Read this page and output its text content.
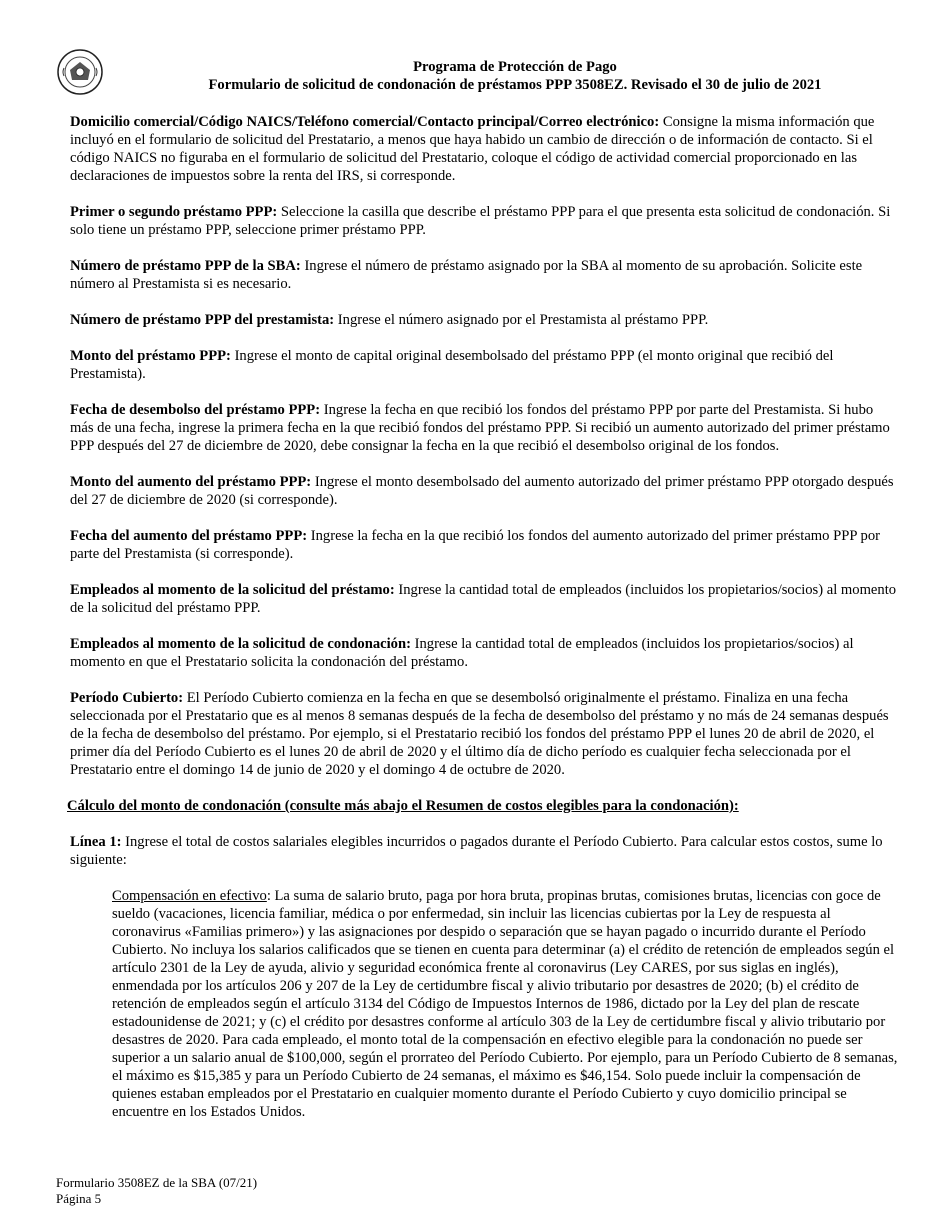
Programa de Protección de Pago
Formulario de solicitud de condonación de préstamos PPP 3508EZ. Revisado el 30 de julio de 2021

Domicilio comercial/Código NAICS/Teléfono comercial/Contacto principal/Correo electrónico: Consigne la misma información que incluyó en el formulario de solicitud del Prestatario, a menos que haya habido un cambio de dirección o de información de contacto. Si el código NAICS no figuraba en el formulario de solicitud del Prestatario, coloque el código de actividad comercial proporcionado en las declaraciones de impuestos sobre la renta del IRS, si corresponde.

Primer o segundo préstamo PPP: Seleccione la casilla que describe el préstamo PPP para el que presenta esta solicitud de condonación. Si solo tiene un préstamo PPP, seleccione primer préstamo PPP.

Número de préstamo PPP de la SBA: Ingrese el número de préstamo asignado por la SBA al momento de su aprobación. Solicite este número al Prestamista si es necesario.

Número de préstamo PPP del prestamista: Ingrese el número asignado por el Prestamista al préstamo PPP.

Monto del préstamo PPP: Ingrese el monto de capital original desembolsado del préstamo PPP (el monto original que recibió del Prestamista).

Fecha de desembolso del préstamo PPP: Ingrese la fecha en que recibió los fondos del préstamo PPP por parte del Prestamista. Si hubo más de una fecha, ingrese la primera fecha en la que recibió fondos del préstamo PPP. Si recibió un aumento autorizado del primer préstamo PPP después del 27 de diciembre de 2020, debe consignar la fecha en la que recibió el desembolso original de los fondos.

Monto del aumento del préstamo PPP: Ingrese el monto desembolsado del aumento autorizado del primer préstamo PPP otorgado después del 27 de diciembre de 2020 (si corresponde).

Fecha del aumento del préstamo PPP: Ingrese la fecha en la que recibió los fondos del aumento autorizado del primer préstamo PPP por parte del Prestamista (si corresponde).

Empleados al momento de la solicitud del préstamo: Ingrese la cantidad total de empleados (incluidos los propietarios/socios) al momento de la solicitud del préstamo PPP.

Empleados al momento de la solicitud de condonación: Ingrese la cantidad total de empleados (incluidos los propietarios/socios) al momento en que el Prestatario solicita la condonación del préstamo.

Período Cubierto: El Período Cubierto comienza en la fecha en que se desembolsó originalmente el préstamo. Finaliza en una fecha seleccionada por el Prestatario que es al menos 8 semanas después de la fecha de desembolso del préstamo y no más de 24 semanas después de la fecha de desembolso del préstamo. Por ejemplo, si el Prestatario recibió los fondos del préstamo PPP el lunes 20 de abril de 2020, el primer día del Período Cubierto es el lunes 20 de abril de 2020 y el último día de dicho período es cualquier fecha seleccionada por el Prestatario entre el domingo 14 de junio de 2020 y el domingo 4 de octubre de 2020.

Cálculo del monto de condonación (consulte más abajo el Resumen de costos elegibles para la condonación):

Línea 1: Ingrese el total de costos salariales elegibles incurridos o pagados durante el Período Cubierto. Para calcular estos costos, sume lo siguiente:

Compensación en efectivo: La suma de salario bruto, paga por hora bruta, propinas brutas, comisiones brutas, licencias con goce de sueldo (vacaciones, licencia familiar, médica o por enfermedad, sin incluir las licencias cubiertas por la Ley de respuesta al coronavirus «Familias primero») y las asignaciones por despido o separación que se hayan pagado o incurrido durante el Período Cubierto. No incluya los salarios calificados que se tienen en cuenta para determinar (a) el crédito de retención de empleados según el artículo 2301 de la Ley de ayuda, alivio y seguridad económica frente al coronavirus (Ley CARES, por sus siglas en inglés), enmendada por los artículos 206 y 207 de la Ley de certidumbre fiscal y alivio tributario por desastres de 2020; (b) el crédito de retención de empleados según el artículo 3134 del Código de Impuestos Internos de 1986, dictado por la Ley del plan de rescate estadounidense de 2021; y (c) el crédito por desastres conforme al artículo 303 de la Ley de certidumbre fiscal y alivio tributario por desastres de 2020. Para cada empleado, el monto total de la compensación en efectivo elegible para la condonación no puede ser superior a un salario anual de $100,000, según el prorrateo del Período Cubierto. Por ejemplo, para un Período Cubierto de 8 semanas, el máximo es $15,385 y para un Período Cubierto de 24 semanas, el máximo es $46,154. Solo puede incluir la compensación de quienes estaban empleados por el Prestatario en cualquier momento durante el Período Cubierto y cuyo domicilio principal se encuentre en los Estados Unidos.

Formulario 3508EZ de la SBA (07/21)
Página 5
